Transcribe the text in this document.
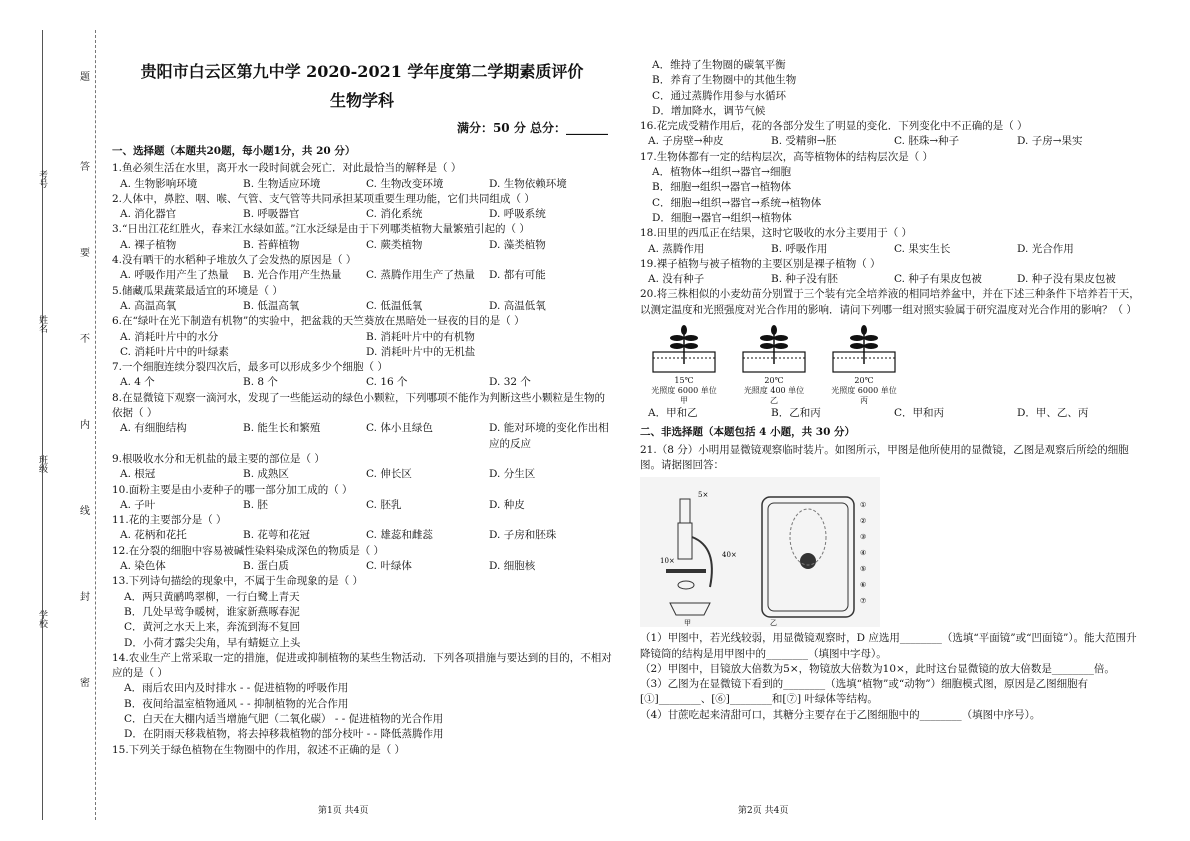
考号
姓名
班级
学校
题
答
要
不
内
线
封
密

贵阳市白云区第九中学 2020-2021 学年度第二学期素质评价

生物学科

满分：50 分 总分：_______

一、选择题（本题共20题，每小题1分，共 20 分）

1.鱼必须生活在水里，离开水一段时间就会死亡．对此最恰当的解释是（ ）

A. 生物影响环境	B. 生物适应环境	C. 生物改变环境	D. 生物依赖环境

2.人体中，鼻腔、咽、喉、气管、支气管等共同承担某项重要生理功能，它们共同组成（ ）

A. 消化器官	B. 呼吸器官	C. 消化系统	D. 呼吸系统

3.“日出江花红胜火，春来江水绿如蓝。”江水泛绿是由于下列哪类植物大量繁殖引起的（ ）

A. 裸子植物	B. 苔藓植物	C. 蕨类植物	D. 藻类植物

4.没有晒干的水稻种子堆放久了会发热的原因是（ ）

A. 呼吸作用产生了热量	B. 光合作用产生热量	C. 蒸腾作用生产了热量	D. 都有可能

5.储藏瓜果蔬菜最适宜的环境是（ ）

A. 高温高氧	B. 低温高氧	C. 低温低氧	D. 高温低氧

6.在“绿叶在光下制造有机物”的实验中，把盆栽的天竺葵放在黑暗处一昼夜的目的是（ ）

A. 消耗叶片中的水分	B. 消耗叶片中的有机物
C. 消耗叶片中的叶绿素	D. 消耗叶片中的无机盐

7.一个细胞连续分裂四次后，最多可以形成多少个细胞（ ）

A. 4 个	B. 8 个	C. 16 个	D. 32 个

8.在显微镜下观察一滴河水，发现了一些能运动的绿色小颗粒，下列哪项不能作为判断这些小颗粒是生物的依据（ ）

A. 有细胞结构	B. 能生长和繁殖	C. 体小且绿色	D. 能对环境的变化作出相应的反应

9.根吸收水分和无机盐的最主要的部位是（ ）

A. 根冠	B. 成熟区	C. 伸长区	D. 分生区

10.面粉主要是由小麦种子的哪一部分加工成的（ ）

A. 子叶	B. 胚	C. 胚乳	D. 种皮

11.花的主要部分是（ ）

A. 花柄和花托	B. 花萼和花冠	C. 雄蕊和雌蕊	D. 子房和胚珠

12.在分裂的细胞中容易被碱性染料染成深色的物质是（ ）

A. 染色体	B. 蛋白质	C. 叶绿体	D. 细胞核

13.下列诗句描绘的现象中，不属于生命现象的是（ ）

A．两只黄鹂鸣翠柳，一行白鹭上青天
B．几处早莺争暖树，谁家新燕啄春泥
C．黄河之水天上来，奔流到海不复回
D．小荷才露尖尖角，早有蜻蜓立上头

14.农业生产上常采取一定的措施，促进或抑制植物的某些生物活动．下列各项措施与要达到的目的，不相对应的是（ ）

A．雨后农田内及时排水 - - 促进植物的呼吸作用
B．夜间给温室植物通风 - - 抑制植物的光合作用
C．白天在大棚内适当增施气肥（二氧化碳） - - 促进植物的光合作用
D．在阴雨天移栽植物，将去掉移栽植物的部分枝叶 - - 降低蒸腾作用

15.下列关于绿色植物在生物圈中的作用，叙述不正确的是（ ）

A．维持了生物圈的碳氧平衡
B．养育了生物圈中的其他生物
C．通过蒸腾作用参与水循环
D．增加降水，调节气候

16.花完成受精作用后，花的各部分发生了明显的变化．下列变化中不正确的是（ ）

A. 子房壁→种皮	B. 受精卵→胚	C. 胚珠→种子	D. 子房→果实

17.生物体都有一定的结构层次，高等植物体的结构层次是（ ）

A．植物体→组织→器官→细胞
B．细胞→组织→器官→植物体
C．细胞→组织→器官→系统→植物体
D．细胞→器官→组织→植物体

18.田里的西瓜正在结果，这时它吸收的水分主要用于（ ）

A. 蒸腾作用	B. 呼吸作用	C. 果实生长	D. 光合作用

19.裸子植物与被子植物的主要区别是裸子植物（ ）

A. 没有种子	B. 种子没有胚	C. 种子有果皮包被	D. 种子没有果皮包被

20.将三株相似的小麦幼苗分别置于三个装有完全培养液的相同培养盆中，并在下述三种条件下培养若干天，以测定温度和光照强度对光合作用的影响．请问下列哪一组对照实验属于研究温度对光合作用的影响？（ ）

15℃
光照度 6000 单位
甲
20℃
光照度 400 单位
乙
20℃
光照度 6000 单位
丙
A．甲和乙	B．乙和丙	C．甲和丙	D．甲、乙、丙

二、非选择题（本题包括 4 小题，共 30 分）

21.（8 分）小明用显微镜观察临时装片。如图所示，甲图是他所使用的显微镜，乙图是观察后所绘的细胞图。请据图回答：

5×
40×
10×
①
②
③
④
⑤
⑥
⑦
甲	乙

（1）甲图中，若光线较弱，用显微镜观察时，D 应选用________（选填“平面镜”或“凹面镜”）。能大范围升降镜筒的结构是用甲图中的________（填图中字母）。

（2）甲图中，目镜放大倍数为5×，物镜放大倍数为10×，此时这台显微镜的放大倍数是________倍。

（3）乙图为在显微镜下看到的________（选填“植物”或“动物”）细胞模式图，原因是乙图细胞有[①]________、[⑥]________和[⑦] 叶绿体等结构。

（4）甘蔗吃起来清甜可口，其糖分主要存在于乙图细胞中的________（填图中序号）。

第1页 共4页	第2页 共4页
